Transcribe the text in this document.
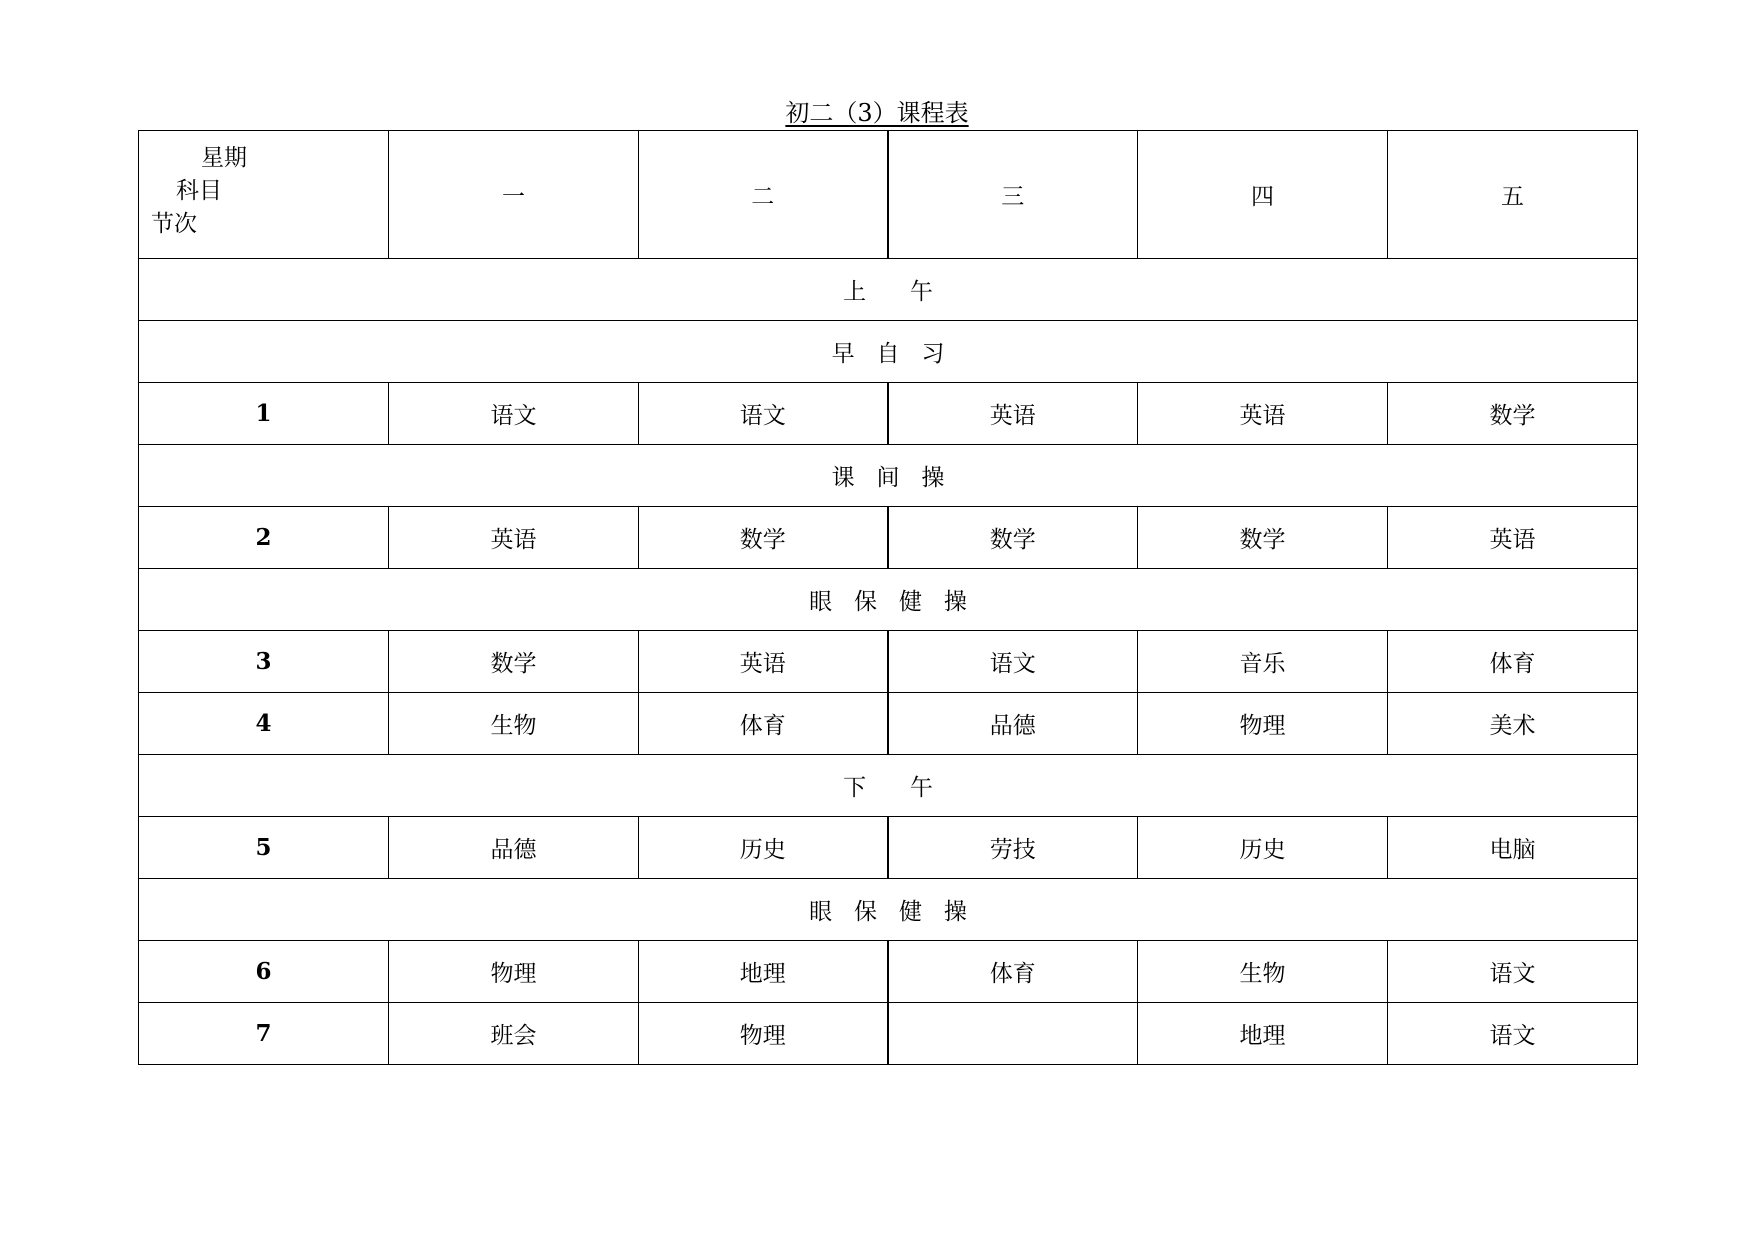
初二（3）课程表
星期
科目
节次	一	二	三	四	五
上      午					
早   自   习					
1	语文	语文	英语	英语	数学
课   间   操					
2	英语	数学	数学	数学	英语
眼   保   健   操					
3	数学	英语	语文	音乐	体育
4	生物	体育	品德	物理	美术
下      午					
5	品德	历史	劳技	历史	电脑
眼   保   健   操					
6	物理	地理	体育	生物	语文
7	班会	物理		地理	语文
